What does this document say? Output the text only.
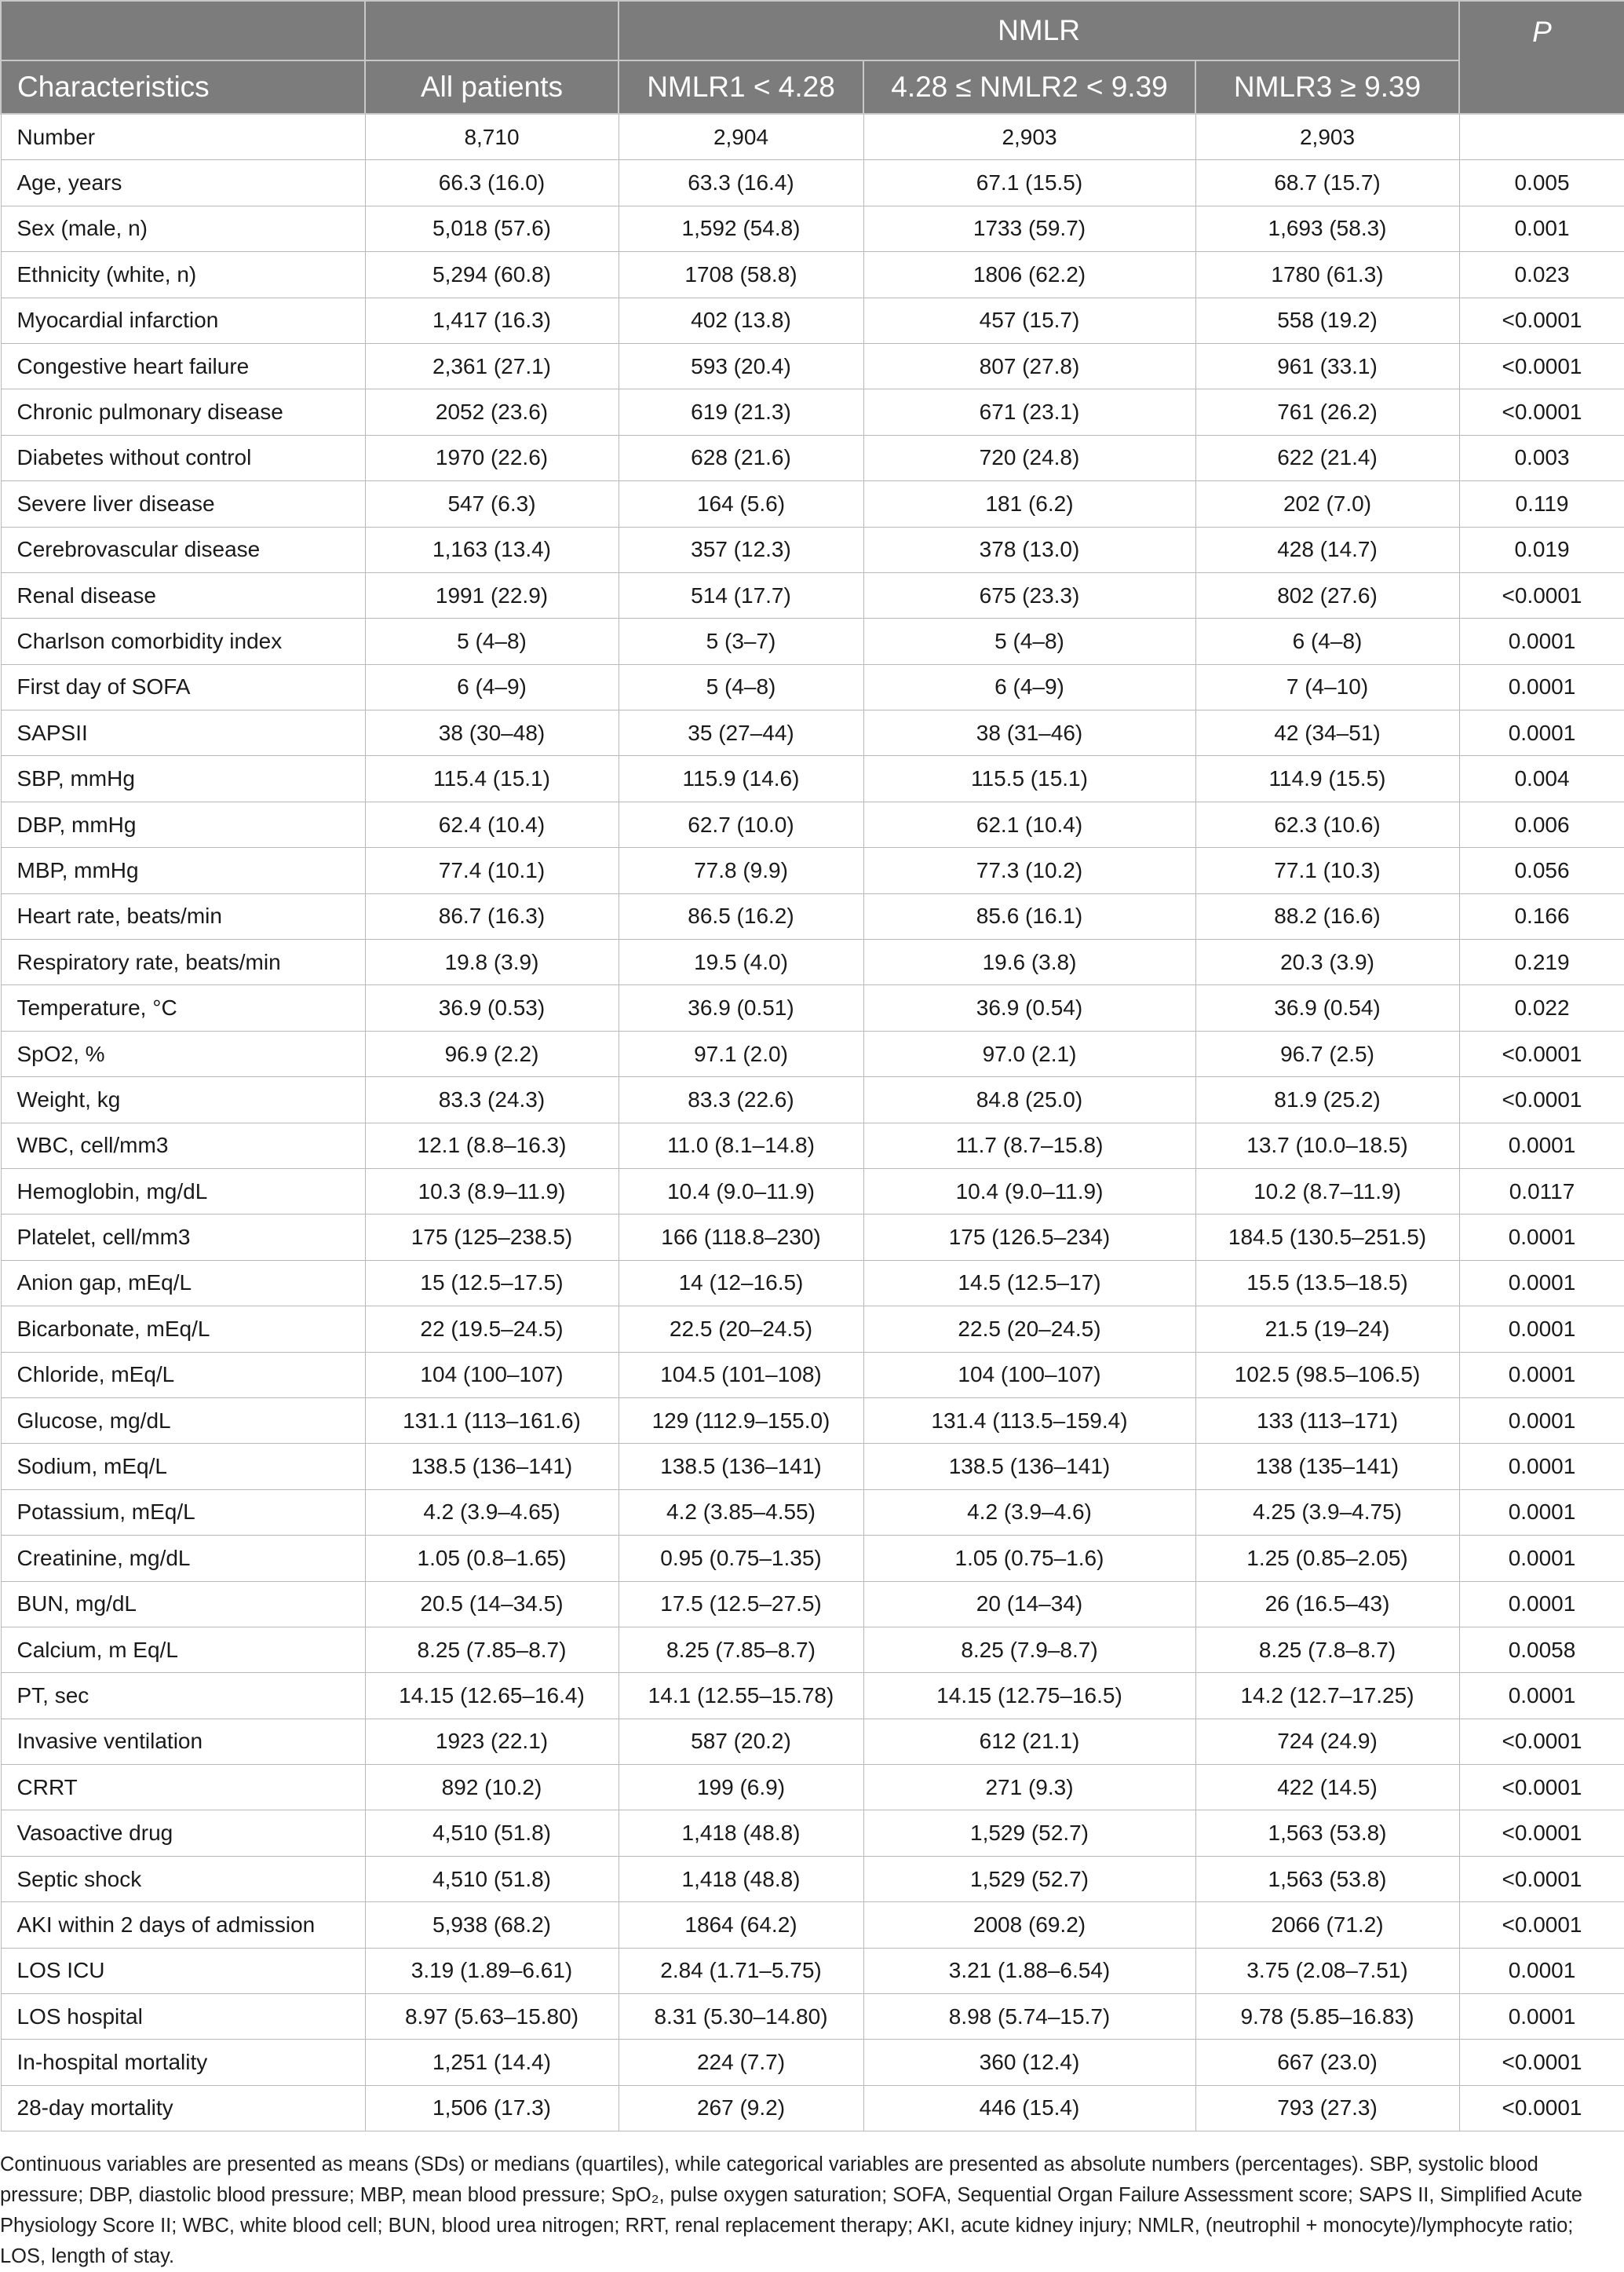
		NMLR			P
Characteristics	All patients	NMLR1 < 4.28	4.28 ≤ NMLR2 < 9.39	NMLR3 ≥ 9.39	
Number	8,710	2,904	2,903	2,903	
Age, years	66.3 (16.0)	63.3 (16.4)	67.1 (15.5)	68.7 (15.7)	0.005
Sex (male, n)	5,018 (57.6)	1,592 (54.8)	1733 (59.7)	1,693 (58.3)	0.001
Ethnicity (white, n)	5,294 (60.8)	1708 (58.8)	1806 (62.2)	1780 (61.3)	0.023
Myocardial infarction	1,417 (16.3)	402 (13.8)	457 (15.7)	558 (19.2)	<0.0001
Congestive heart failure	2,361 (27.1)	593 (20.4)	807 (27.8)	961 (33.1)	<0.0001
Chronic pulmonary disease	2052 (23.6)	619 (21.3)	671 (23.1)	761 (26.2)	<0.0001
Diabetes without control	1970 (22.6)	628 (21.6)	720 (24.8)	622 (21.4)	0.003
Severe liver disease	547 (6.3)	164 (5.6)	181 (6.2)	202 (7.0)	0.119
Cerebrovascular disease	1,163 (13.4)	357 (12.3)	378 (13.0)	428 (14.7)	0.019
Renal disease	1991 (22.9)	514 (17.7)	675 (23.3)	802 (27.6)	<0.0001
Charlson comorbidity index	5 (4–8)	5 (3–7)	5 (4–8)	6 (4–8)	0.0001
First day of SOFA	6 (4–9)	5 (4–8)	6 (4–9)	7 (4–10)	0.0001
SAPSII	38 (30–48)	35 (27–44)	38 (31–46)	42 (34–51)	0.0001
SBP, mmHg	115.4 (15.1)	115.9 (14.6)	115.5 (15.1)	114.9 (15.5)	0.004
DBP, mmHg	62.4 (10.4)	62.7 (10.0)	62.1 (10.4)	62.3 (10.6)	0.006
MBP, mmHg	77.4 (10.1)	77.8 (9.9)	77.3 (10.2)	77.1 (10.3)	0.056
Heart rate, beats/min	86.7 (16.3)	86.5 (16.2)	85.6 (16.1)	88.2 (16.6)	0.166
Respiratory rate, beats/min	19.8 (3.9)	19.5 (4.0)	19.6 (3.8)	20.3 (3.9)	0.219
Temperature, °C	36.9 (0.53)	36.9 (0.51)	36.9 (0.54)	36.9 (0.54)	0.022
SpO2, %	96.9 (2.2)	97.1 (2.0)	97.0 (2.1)	96.7 (2.5)	<0.0001
Weight, kg	83.3 (24.3)	83.3 (22.6)	84.8 (25.0)	81.9 (25.2)	<0.0001
WBC, cell/mm3	12.1 (8.8–16.3)	11.0 (8.1–14.8)	11.7 (8.7–15.8)	13.7 (10.0–18.5)	0.0001
Hemoglobin, mg/dL	10.3 (8.9–11.9)	10.4 (9.0–11.9)	10.4 (9.0–11.9)	10.2 (8.7–11.9)	0.0117
Platelet, cell/mm3	175 (125–238.5)	166 (118.8–230)	175 (126.5–234)	184.5 (130.5–251.5)	0.0001
Anion gap, mEq/L	15 (12.5–17.5)	14 (12–16.5)	14.5 (12.5–17)	15.5 (13.5–18.5)	0.0001
Bicarbonate, mEq/L	22 (19.5–24.5)	22.5 (20–24.5)	22.5 (20–24.5)	21.5 (19–24)	0.0001
Chloride, mEq/L	104 (100–107)	104.5 (101–108)	104 (100–107)	102.5 (98.5–106.5)	0.0001
Glucose, mg/dL	131.1 (113–161.6)	129 (112.9–155.0)	131.4 (113.5–159.4)	133 (113–171)	0.0001
Sodium, mEq/L	138.5 (136–141)	138.5 (136–141)	138.5 (136–141)	138 (135–141)	0.0001
Potassium, mEq/L	4.2 (3.9–4.65)	4.2 (3.85–4.55)	4.2 (3.9–4.6)	4.25 (3.9–4.75)	0.0001
Creatinine, mg/dL	1.05 (0.8–1.65)	0.95 (0.75–1.35)	1.05 (0.75–1.6)	1.25 (0.85–2.05)	0.0001
BUN, mg/dL	20.5 (14–34.5)	17.5 (12.5–27.5)	20 (14–34)	26 (16.5–43)	0.0001
Calcium, m Eq/L	8.25 (7.85–8.7)	8.25 (7.85–8.7)	8.25 (7.9–8.7)	8.25 (7.8–8.7)	0.0058
PT, sec	14.15 (12.65–16.4)	14.1 (12.55–15.78)	14.15 (12.75–16.5)	14.2 (12.7–17.25)	0.0001
Invasive ventilation	1923 (22.1)	587 (20.2)	612 (21.1)	724 (24.9)	<0.0001
CRRT	892 (10.2)	199 (6.9)	271 (9.3)	422 (14.5)	<0.0001
Vasoactive drug	4,510 (51.8)	1,418 (48.8)	1,529 (52.7)	1,563 (53.8)	<0.0001
Septic shock	4,510 (51.8)	1,418 (48.8)	1,529 (52.7)	1,563 (53.8)	<0.0001
AKI within 2 days of admission	5,938 (68.2)	1864 (64.2)	2008 (69.2)	2066 (71.2)	<0.0001
LOS ICU	3.19 (1.89–6.61)	2.84 (1.71–5.75)	3.21 (1.88–6.54)	3.75 (2.08–7.51)	0.0001
LOS hospital	8.97 (5.63–15.80)	8.31 (5.30–14.80)	8.98 (5.74–15.7)	9.78 (5.85–16.83)	0.0001
In-hospital mortality	1,251 (14.4)	224 (7.7)	360 (12.4)	667 (23.0)	<0.0001
28-day mortality	1,506 (17.3)	267 (9.2)	446 (15.4)	793 (27.3)	<0.0001
Continuous variables are presented as means (SDs) or medians (quartiles), while categorical variables are presented as absolute numbers (percentages). SBP, systolic blood pressure; DBP, diastolic blood pressure; MBP, mean blood pressure; SpO₂, pulse oxygen saturation; SOFA, Sequential Organ Failure Assessment score; SAPS II, Simplified Acute Physiology Score II; WBC, white blood cell; BUN, blood urea nitrogen; RRT, renal replacement therapy; AKI, acute kidney injury; NMLR, (neutrophil + monocyte)/lymphocyte ratio; LOS, length of stay.
